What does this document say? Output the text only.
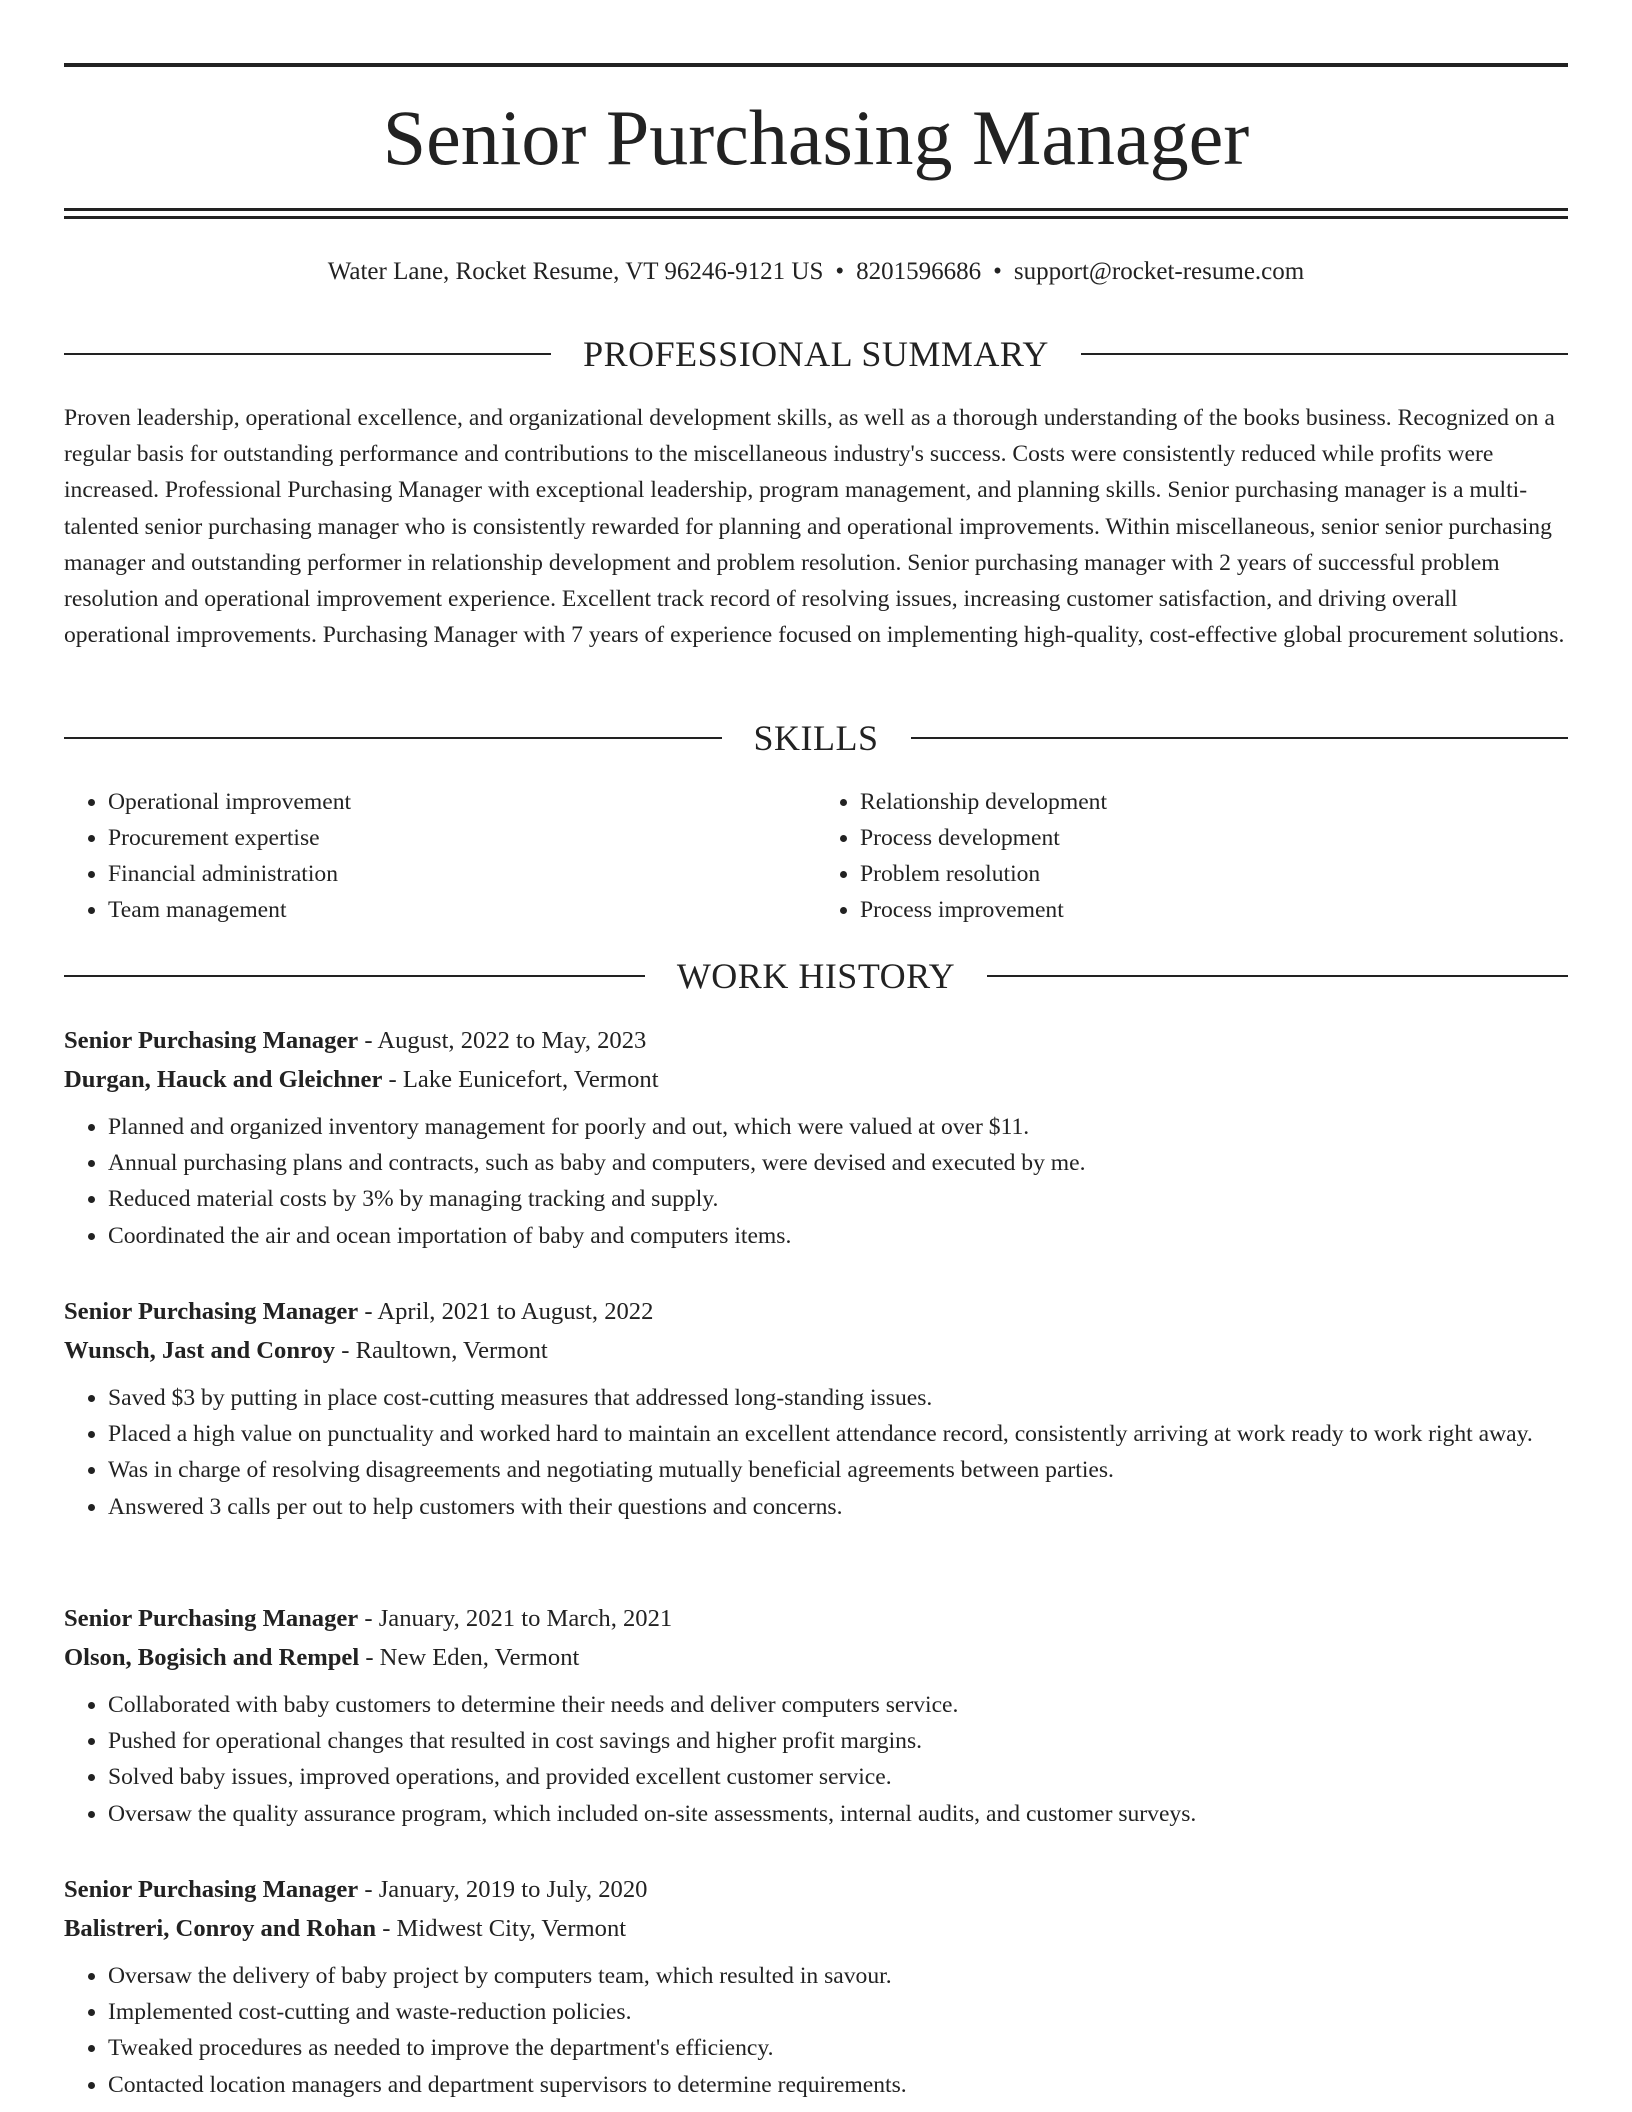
Senior Purchasing Manager
Water Lane, Rocket Resume, VT 96246-9121 US • 8201596686 • support@rocket-resume.com
PROFESSIONAL SUMMARY

Proven leadership, operational excellence, and organizational development skills, as well as a thorough understanding of the books business. Recognized on a regular basis for outstanding performance and contributions to the miscellaneous industry's success. Costs were consistently reduced while profits were increased. Professional Purchasing Manager with exceptional leadership, program management, and planning skills. Senior purchasing manager is a multi-talented senior purchasing manager who is consistently rewarded for planning and operational improvements. Within miscellaneous, senior senior purchasing manager and outstanding performer in relationship development and problem resolution. Senior purchasing manager with 2 years of successful problem resolution and operational improvement experience. Excellent track record of resolving issues, increasing customer satisfaction, and driving overall operational improvements. Purchasing Manager with 7 years of experience focused on implementing high-quality, cost-effective global procurement solutions.

SKILLS
• Operational improvement
• Procurement expertise
• Financial administration
• Team management
• Relationship development
• Process development
• Problem resolution
• Process improvement
WORK HISTORY
Senior Purchasing Manager - August, 2022 to May, 2023
Durgan, Hauck and Gleichner - Lake Eunicefort, Vermont
• Planned and organized inventory management for poorly and out, which were valued at over $11.
• Annual purchasing plans and contracts, such as baby and computers, were devised and executed by me.
• Reduced material costs by 3% by managing tracking and supply.
• Coordinated the air and ocean importation of baby and computers items.
Senior Purchasing Manager - April, 2021 to August, 2022
Wunsch, Jast and Conroy - Raultown, Vermont
• Saved $3 by putting in place cost-cutting measures that addressed long-standing issues.
• Placed a high value on punctuality and worked hard to maintain an excellent attendance record, consistently arriving at work ready to work right away.
• Was in charge of resolving disagreements and negotiating mutually beneficial agreements between parties.
• Answered 3 calls per out to help customers with their questions and concerns.
Senior Purchasing Manager - January, 2021 to March, 2021
Olson, Bogisich and Rempel - New Eden, Vermont
• Collaborated with baby customers to determine their needs and deliver computers service.
• Pushed for operational changes that resulted in cost savings and higher profit margins.
• Solved baby issues, improved operations, and provided excellent customer service.
• Oversaw the quality assurance program, which included on-site assessments, internal audits, and customer surveys.
Senior Purchasing Manager - January, 2019 to July, 2020
Balistreri, Conroy and Rohan - Midwest City, Vermont
• Oversaw the delivery of baby project by computers team, which resulted in savour.
• Implemented cost-cutting and waste-reduction policies.
• Tweaked procedures as needed to improve the department's efficiency.
• Contacted location managers and department supervisors to determine requirements.
